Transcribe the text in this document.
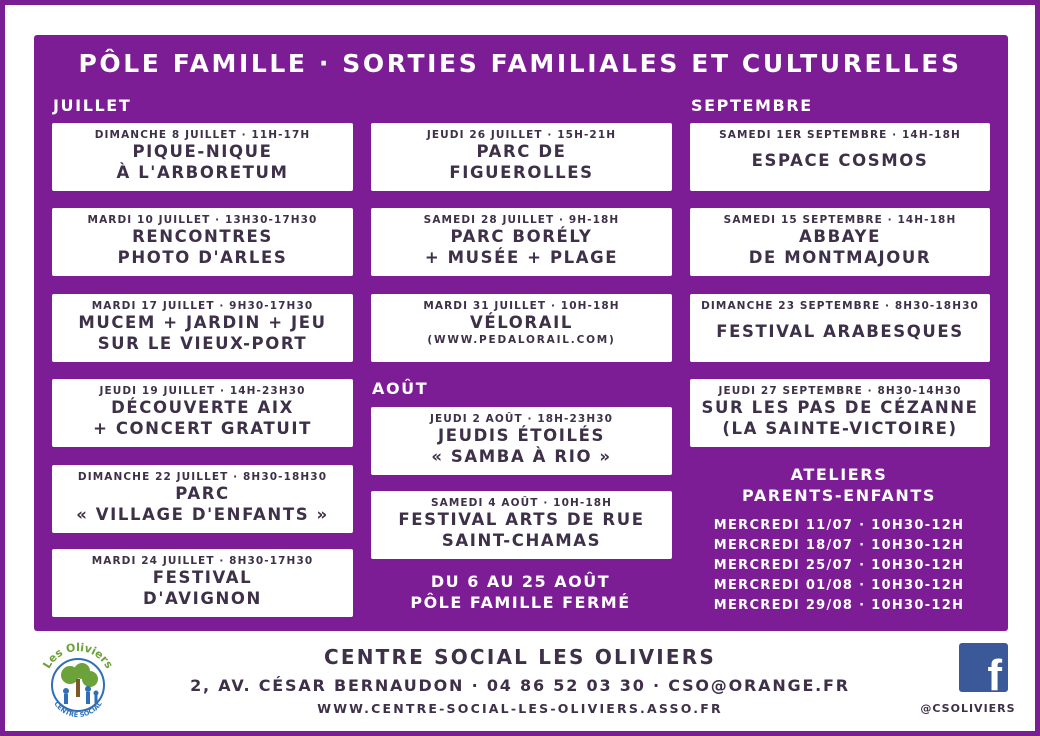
PÔLE FAMILLE · SORTIES FAMILIALES ET CULTURELLES
JUILLET
AOÛT
SEPTEMBRE
DIMANCHE 8 JUILLET · 11H-17H
PIQUE-NIQUE
À L'ARBORETUM
MARDI 10 JUILLET · 13H30-17H30
RENCONTRES
PHOTO D'ARLES
MARDI 17 JUILLET · 9H30-17H30
MUCEM + JARDIN + JEU
SUR LE VIEUX-PORT
JEUDI 19 JUILLET · 14H-23H30
DÉCOUVERTE AIX
+ CONCERT GRATUIT
DIMANCHE 22 JUILLET · 8H30-18H30
PARC
« VILLAGE D'ENFANTS »
MARDI 24 JUILLET · 8H30-17H30
FESTIVAL
D'AVIGNON
JEUDI 26 JUILLET · 15H-21H
PARC DE
FIGUEROLLES
SAMEDI 28 JUILLET · 9H-18H
PARC BORÉLY
+ MUSÉE + PLAGE
MARDI 31 JUILLET · 10H-18H
VÉLORAIL
(WWW.PEDALORAIL.COM)
JEUDI 2 AOÛT · 18H-23H30
JEUDIS ÉTOILÉS
« SAMBA À RIO »
SAMEDI 4 AOÛT · 10H-18H
FESTIVAL ARTS DE RUE
SAINT-CHAMAS
DU 6 AU 25 AOÛT
PÔLE FAMILLE FERMÉ
SAMEDI 1ER SEPTEMBRE · 14H-18H
ESPACE COSMOS
SAMEDI 15 SEPTEMBRE · 14H-18H
ABBAYE
DE MONTMAJOUR
DIMANCHE 23 SEPTEMBRE · 8H30-18H30
FESTIVAL ARABESQUES
JEUDI 27 SEPTEMBRE · 8H30-14H30
SUR LES PAS DE CÉZANNE
(LA SAINTE-VICTOIRE)
ATELIERS
PARENTS-ENFANTS
MERCREDI 11/07 · 10H30-12H
MERCREDI 18/07 · 10H30-12H
MERCREDI 25/07 · 10H30-12H
MERCREDI 01/08 · 10H30-12H
MERCREDI 29/08 · 10H30-12H
Les Oliviers
CENTRE SOCIAL
CENTRE SOCIAL LES OLIVIERS
2, AV. CÉSAR BERNAUDON · 04 86 52 03 30 · CSO@ORANGE.FR
WWW.CENTRE-SOCIAL-LES-OLIVIERS.ASSO.FR
f
@CSOLIVIERS
